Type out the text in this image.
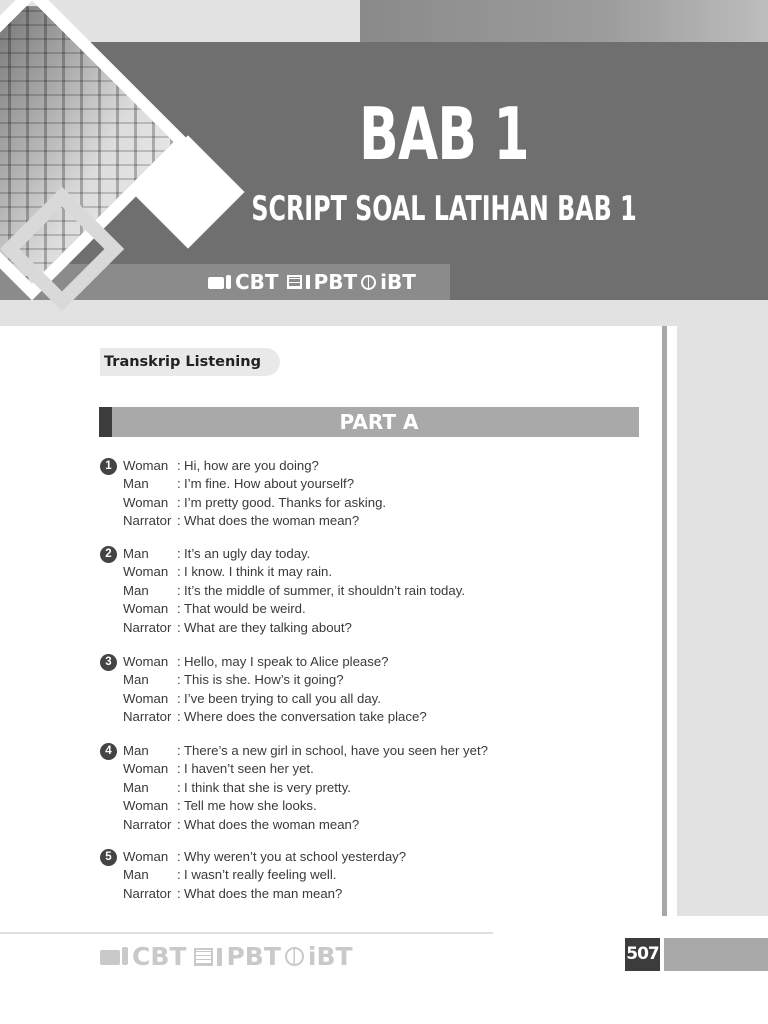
BAB 1
SCRIPT SOAL LATIHAN BAB 1
CBT PBT iBT
Transkrip Listening
PART A
1 Woman : Hi, how are you doing?
Man : I’m fine. How about yourself?
Woman : I’m pretty good. Thanks for asking.
Narrator : What does the woman mean?
2 Man : It’s an ugly day today.
Woman : I know. I think it may rain.
Man : It’s the middle of summer, it shouldn’t rain today.
Woman : That would be weird.
Narrator : What are they talking about?
3 Woman : Hello, may I speak to Alice please?
Man : This is she. How’s it going?
Woman : I’ve been trying to call you all day.
Narrator : Where does the conversation take place?
4 Man : There’s a new girl in school, have you seen her yet?
Woman : I haven’t seen her yet.
Man : I think that she is very pretty.
Woman : Tell me how she looks.
Narrator : What does the woman mean?
5 Woman : Why weren’t you at school yesterday?
Man : I wasn’t really feeling well.
Narrator : What does the man mean?
CBT PBT iBT	507
